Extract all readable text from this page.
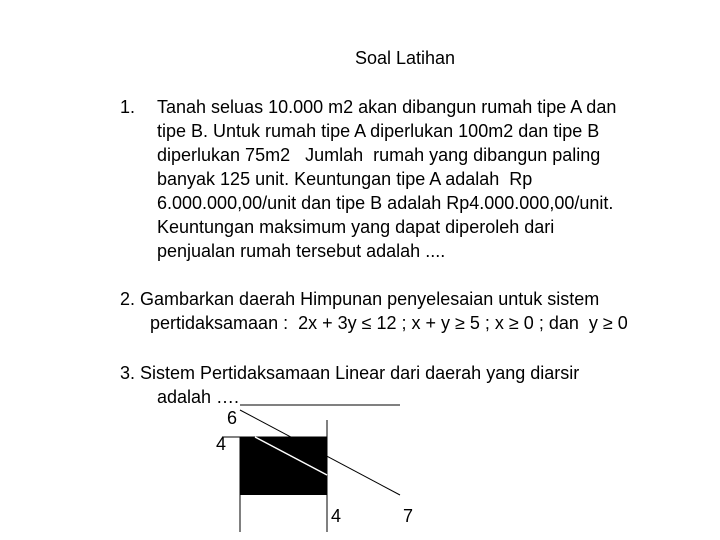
Soal Latihan
1. Tanah seluas 10.000 m2 akan dibangun rumah tipe A dan
tipe B. Untuk rumah tipe A diperlukan 100m2 dan tipe B
diperlukan 75m2   Jumlah  rumah yang dibangun paling
banyak 125 unit. Keuntungan tipe A adalah  Rp
6.000.000,00/unit dan tipe B adalah Rp4.000.000,00/unit.
Keuntungan maksimum yang dapat diperoleh dari
penjualan rumah tersebut adalah ....
2. Gambarkan daerah Himpunan penyelesaian untuk sistem
pertidaksamaan :  2x + 3y ≤ 12 ; x + y ≥ 5 ; x ≥ 0 ; dan  y ≥ 0
3. Sistem Pertidaksamaan Linear dari daerah yang diarsir
adalah ….
6
4
4	7
